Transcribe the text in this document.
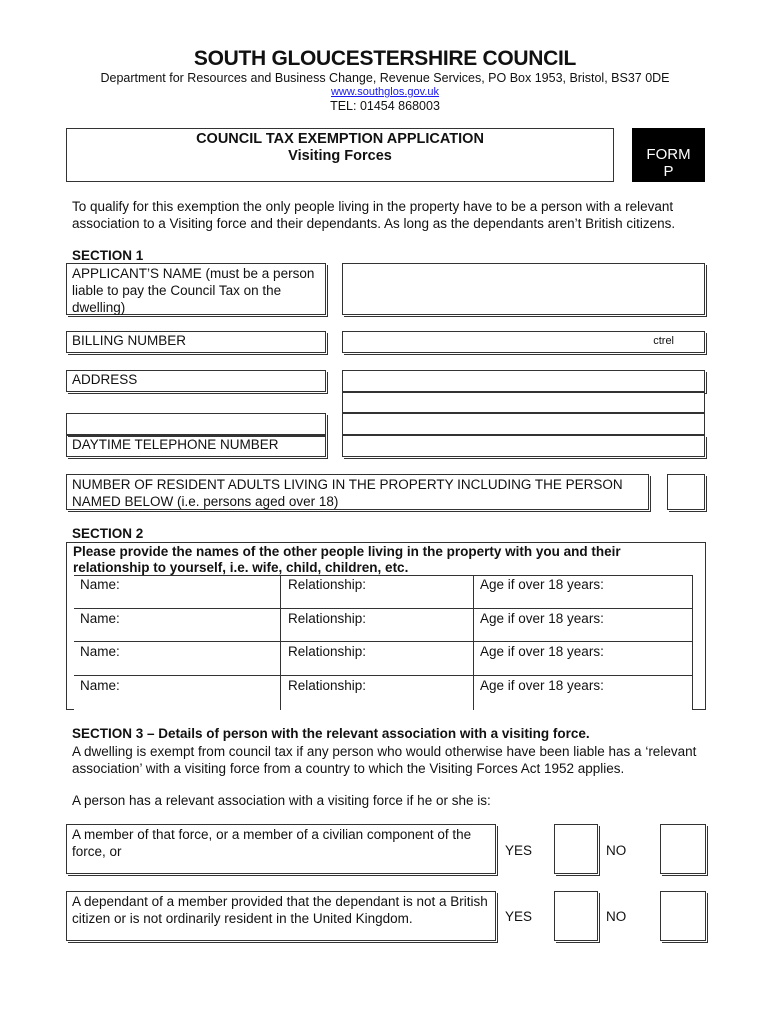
SOUTH GLOUCESTERSHIRE COUNCIL
Department for Resources and Business Change, Revenue Services, PO Box 1953, Bristol, BS37 0DE
www.southglos.gov.uk
TEL: 01454 868003
COUNCIL TAX EXEMPTION APPLICATION
Visiting Forces	FORM
P
To qualify for this exemption the only people living in the property have to be a person with a relevant association to a Visiting force and their dependants. As long as the dependants aren’t British citizens.
SECTION 1
APPLICANT’S NAME (must be a person liable to pay the Council Tax on the dwelling)
BILLING NUMBER	ctrel
ADDRESS
DAYTIME TELEPHONE NUMBER
NUMBER OF RESIDENT ADULTS LIVING IN THE PROPERTY INCLUDING THE PERSON NAMED BELOW (i.e. persons aged over 18)
SECTION 2
Please provide the names of the other people living in the property with you and their relationship to yourself, i.e. wife, child, children, etc.
Name:	Relationship:	Age if over 18 years:
Name:	Relationship:	Age if over 18 years:
Name:	Relationship:	Age if over 18 years:
Name:	Relationship:	Age if over 18 years:
SECTION 3 – Details of person with the relevant association with a visiting force.
A dwelling is exempt from council tax if any person who would otherwise have been liable has a ‘relevant association’ with a visiting force from a country to which the Visiting Forces Act 1952 applies.
A person has a relevant association with a visiting force if he or she is:
A member of that force, or a member of a civilian component of the force, or	YES	NO
A dependant of a member provided that the dependant is not a British citizen or is not ordinarily resident in the United Kingdom.	YES	NO
